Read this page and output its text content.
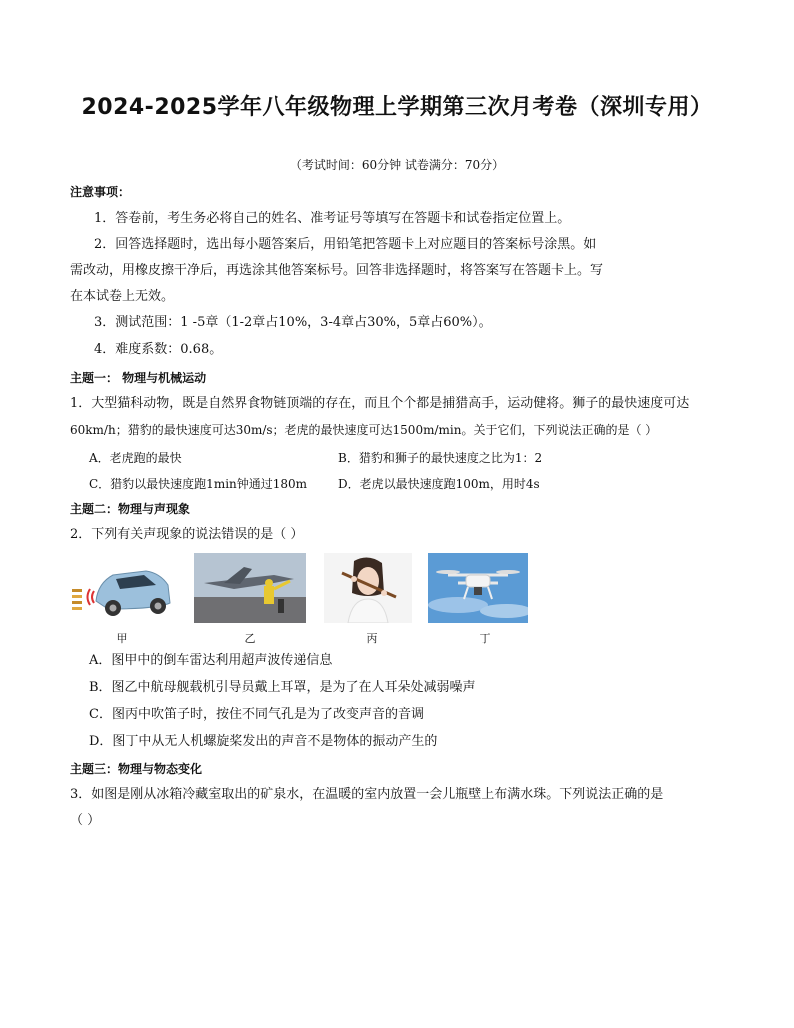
2024-2025学年八年级物理上学期第三次月考卷（深圳专用）
（考试时间：60分钟 试卷满分：70分）
注意事项：
1．答卷前，考生务必将自己的姓名、准考证号等填写在答题卡和试卷指定位置上。
2．回答选择题时，选出每小题答案后，用铅笔把答题卡上对应题目的答案标号涂黑。如
需改动，用橡皮擦干净后，再选涂其他答案标号。回答非选择题时，将答案写在答题卡上。写
在本试卷上无效。
3．测试范围：1 -5章（1-2章占10%，3-4章占30%，5章占60%）。
4．难度系数：0.68。
主题一： 物理与机械运动
1．大型猫科动物，既是自然界食物链顶端的存在，而且个个都是捕猎高手，运动健将。狮子的最快速度可达
60km/h；猎豹的最快速度可达30m/s；老虎的最快速度可达1500m/min。关于它们，下列说法正确的是（ ）
A．老虎跑的最快	B．猎豹和狮子的最快速度之比为1：2
C．猎豹以最快速度跑1min钟通过180m	D．老虎以最快速度跑100m，用时4s
主题二：物理与声现象
2．下列有关声现象的说法错误的是（ ）
甲	乙	丙	丁
A．图甲中的倒车雷达利用超声波传递信息
B．图乙中航母舰载机引导员戴上耳罩，是为了在人耳朵处减弱噪声
C．图丙中吹笛子时，按住不同气孔是为了改变声音的音调
D．图丁中从无人机螺旋桨发出的声音不是物体的振动产生的
主题三：物理与物态变化
3．如图是刚从冰箱冷藏室取出的矿泉水，在温暖的室内放置一会儿瓶壁上布满水珠。下列说法正确的是
（ ）
